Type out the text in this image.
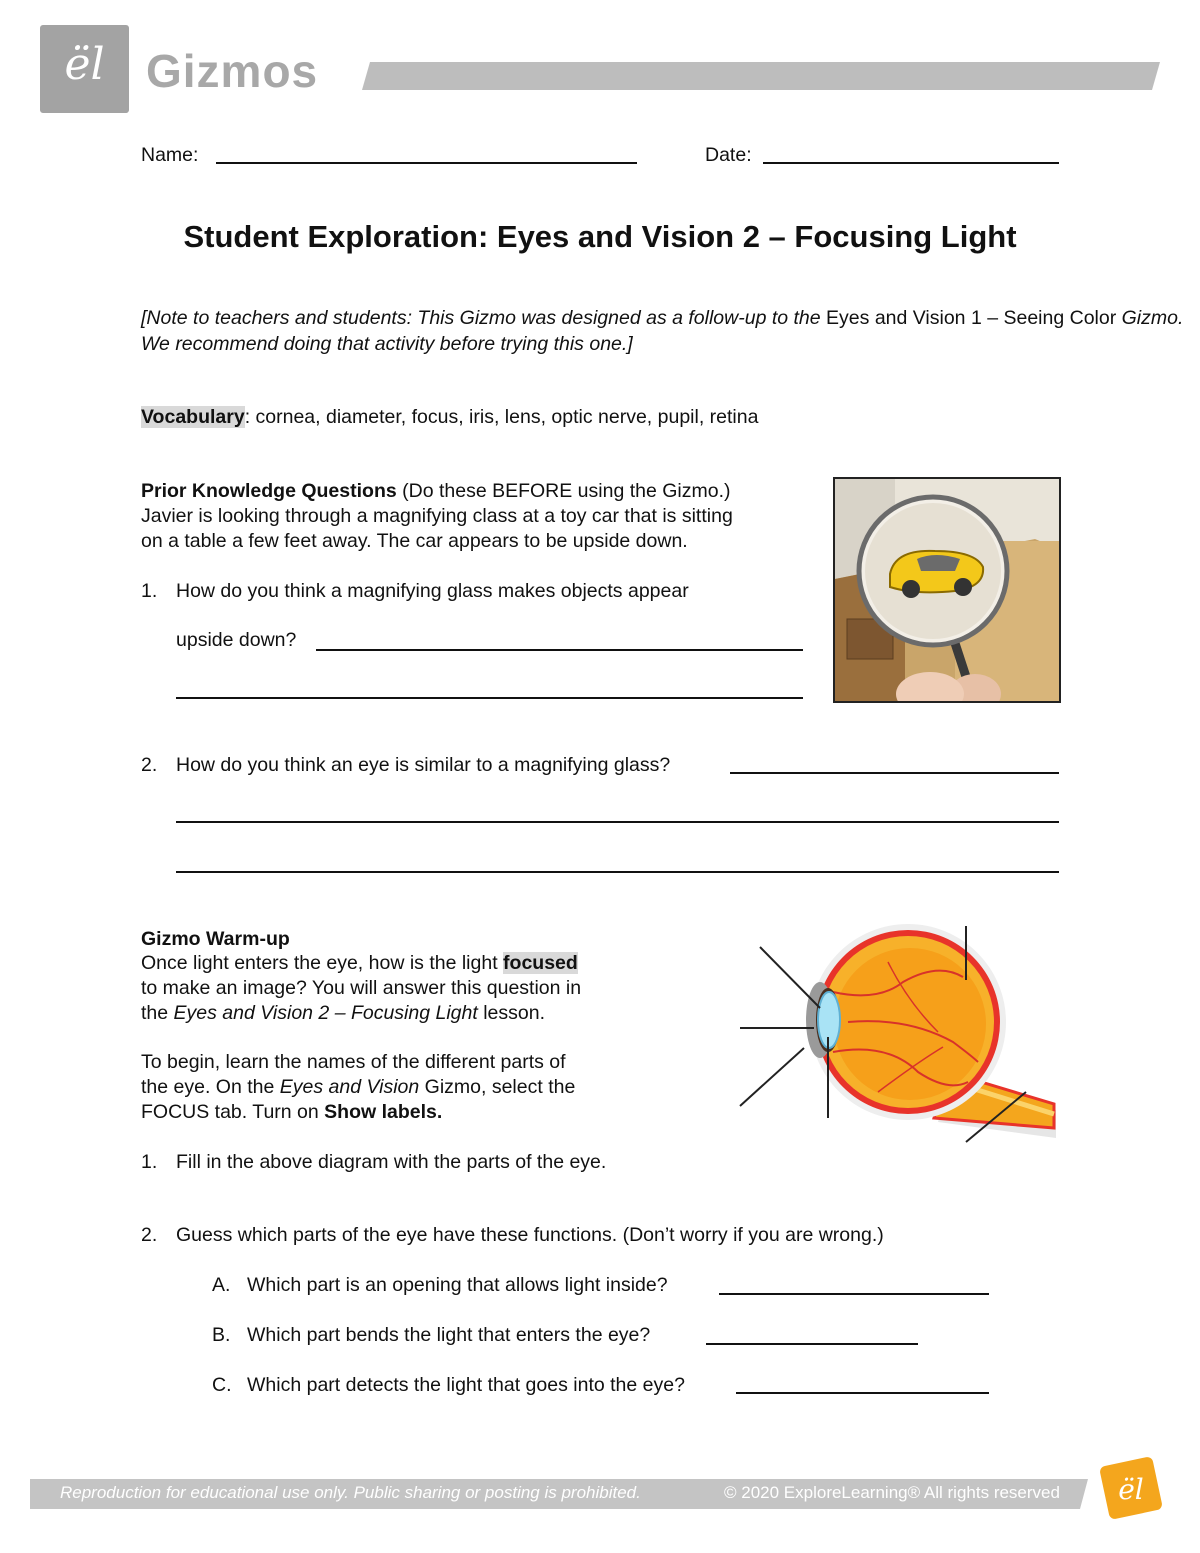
ël Gizmos
Name:	Date:
Student Exploration: Eyes and Vision 2 – Focusing Light
[Note to teachers and students: This Gizmo was designed as a follow-up to the Eyes and Vision 1 – Seeing Color Gizmo. We recommend doing that activity before trying this one.]
Vocabulary: cornea, diameter, focus, iris, lens, optic nerve, pupil, retina
Prior Knowledge Questions (Do these BEFORE using the Gizmo.)
Javier is looking through a magnifying class at a toy car that is sitting
on a table a few feet away. The car appears to be upside down.
1. How do you think a magnifying glass makes objects appear
upside down?
2. How do you think an eye is similar to a magnifying glass?
Gizmo Warm-up
Once light enters the eye, how is the light focused
to make an image? You will answer this question in
the Eyes and Vision 2 – Focusing Light lesson.
To begin, learn the names of the different parts of
the eye. On the Eyes and Vision Gizmo, select the
FOCUS tab. Turn on Show labels.
1. Fill in the above diagram with the parts of the eye.
2. Guess which parts of the eye have these functions. (Don’t worry if you are wrong.)
A. Which part is an opening that allows light inside?
B. Which part bends the light that enters the eye?
C. Which part detects the light that goes into the eye?
Reproduction for educational use only. Public sharing or posting is prohibited.	© 2020 ExploreLearning® All rights reserved ël
